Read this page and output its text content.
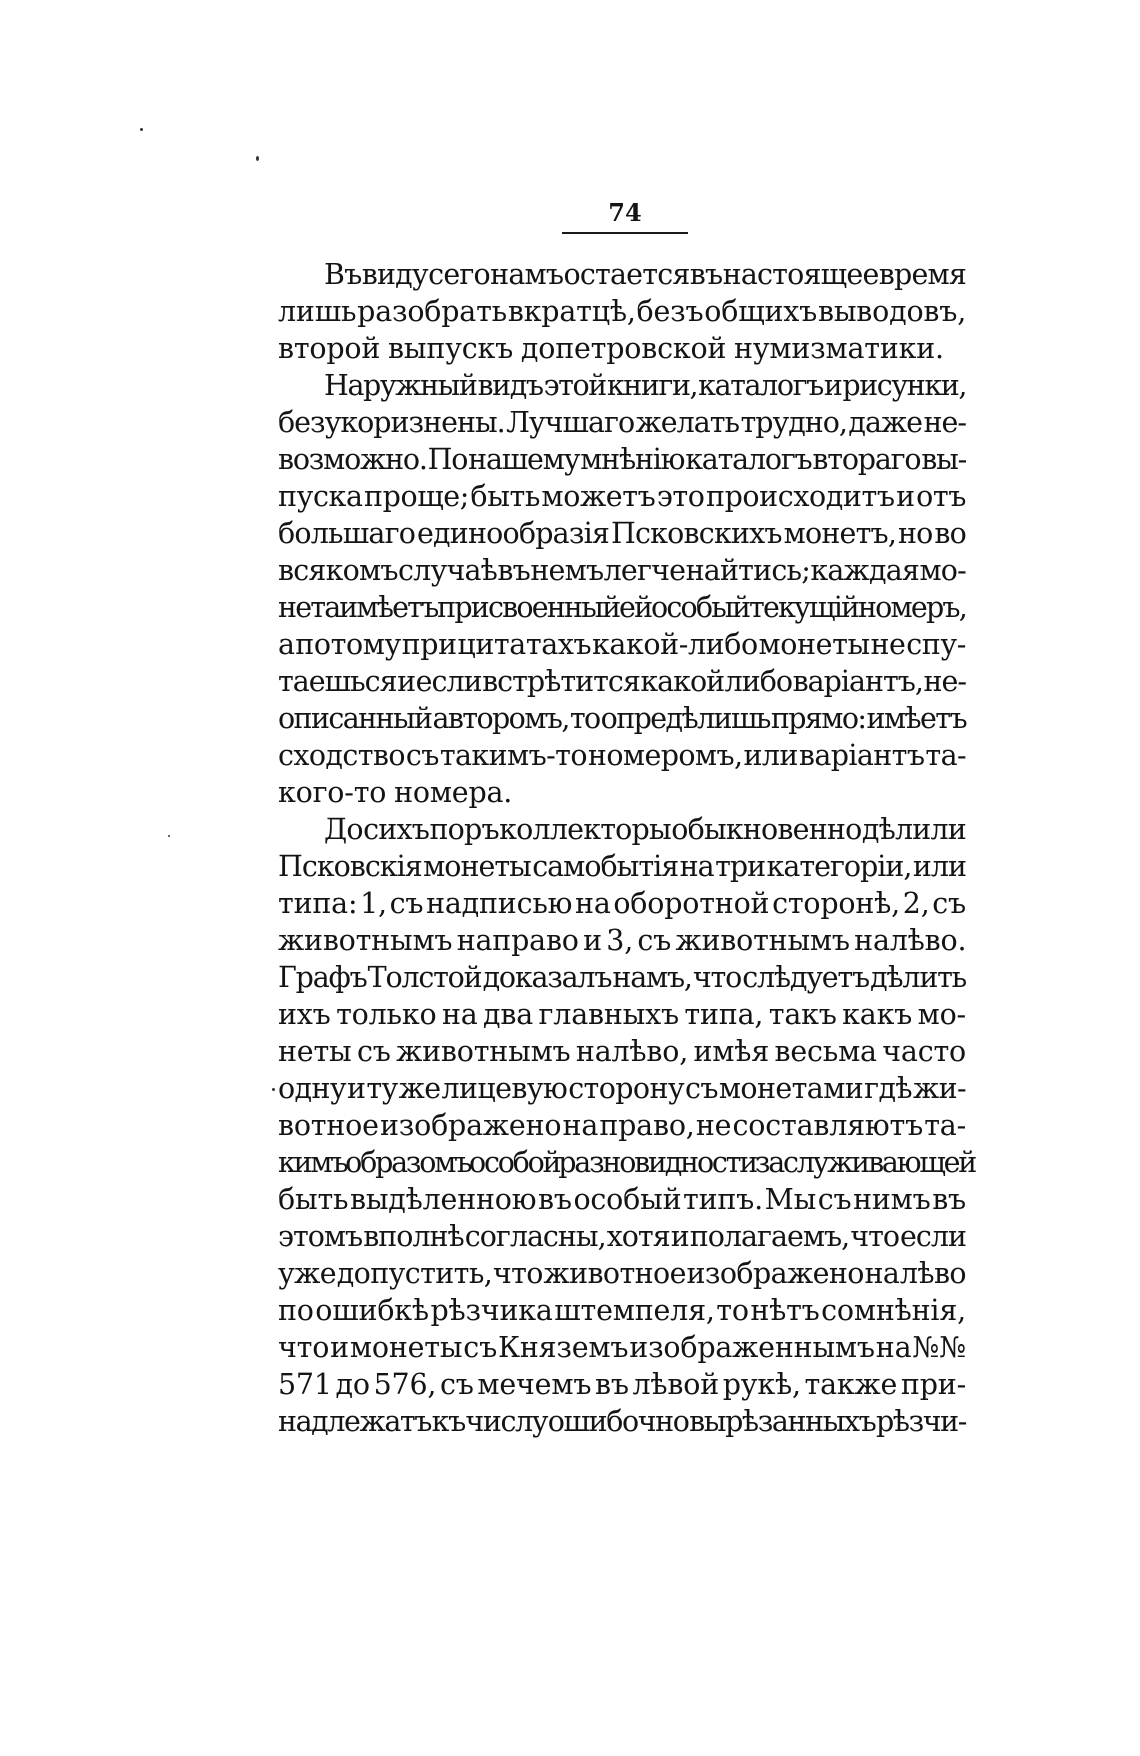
74
Въ виду сего намъ остается въ настоящее время
лишь разобрать вкратцѣ, безъ общихъ выводовъ,
второй выпускъ допетровской нумизматики.
Наружный видъ этой книги, каталогъ и рисунки,
безукоризнены. Лучшаго желать трудно, даже не-
возможно. По нашему мнѣнію каталогъ втораго вы-
пуска проще; быть можетъ это происходитъ и отъ
большаго единообразія Псковскихъ монетъ, но во
всякомъ случаѣ въ немъ легче найтись; каждая мо-
нета имѣетъ присвоенный ей особый текущій номеръ,
а потому при цитатахъ какой-либо монеты не спу-
таешься и если встрѣтится какой либо варіантъ, не-
описанный авторомъ, то опредѣлишь прямо: имѣетъ
сходство съ такимъ-то номеромъ, или варіантъ та-
кого-то номера.
До сихъ поръ коллекторы обыкновенно дѣлили
Псковскія монеты самобытія на три категоріи, или
типа: 1, съ надписью на оборотной сторонѣ, 2, съ
животнымъ направо и 3, съ животнымъ налѣво.
Графъ Толстой доказалъ намъ, что слѣдуетъ дѣлить
ихъ только на два главныхъ типа, такъ какъ мо-
неты съ животнымъ налѣво, имѣя весьма часто
одну и ту же лицевую сторону съ монетами гдѣ жи-
вотное изображено на право, не составляютъ та-
кимъ образомъ особой разновидности заслуживающей
быть выдѣленною въ особый типъ. Мы съ нимъ въ
этомъ вполнѣ согласны, хотя и полагаемъ, что если
уже допустить, что животное изображено на лѣво
по ошибкѣ рѣзчика штемпеля, то нѣтъ сомнѣнія,
что и монеты съ Княземъ изображеннымъ на №№
571 до 576, съ мечемъ въ лѣвой рукѣ, также при-
надлежатъ къ числу ошибочно вырѣзанныхъ рѣзчи-
